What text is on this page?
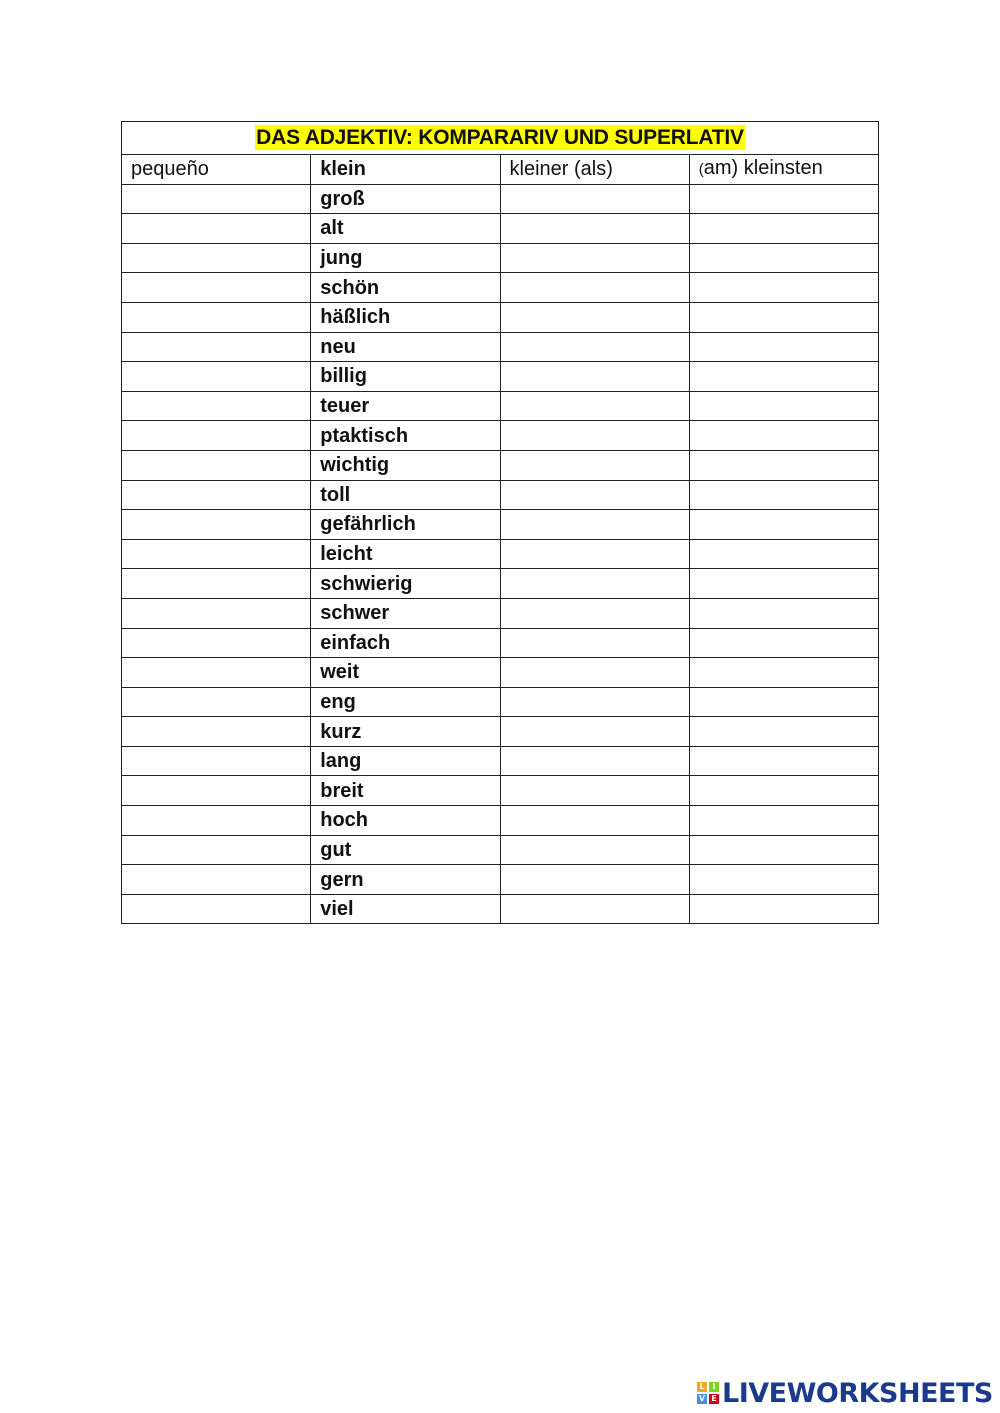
DAS ADJEKTIV: KOMPARARIV UND SUPERLATIV			
pequeño	klein	kleiner (als)	(am) kleinsten
	groß		
	alt		
	jung		
	schön		
	häßlich		
	neu		
	billig		
	teuer		
	ptaktisch		
	wichtig		
	toll		
	gefährlich		
	leicht		
	schwierig		
	schwer		
	einfach		
	weit		
	eng		
	kurz		
	lang		
	breit		
	hoch		
	gut		
	gern		
	viel		
L I
V E LIVEWORKSHEETS
